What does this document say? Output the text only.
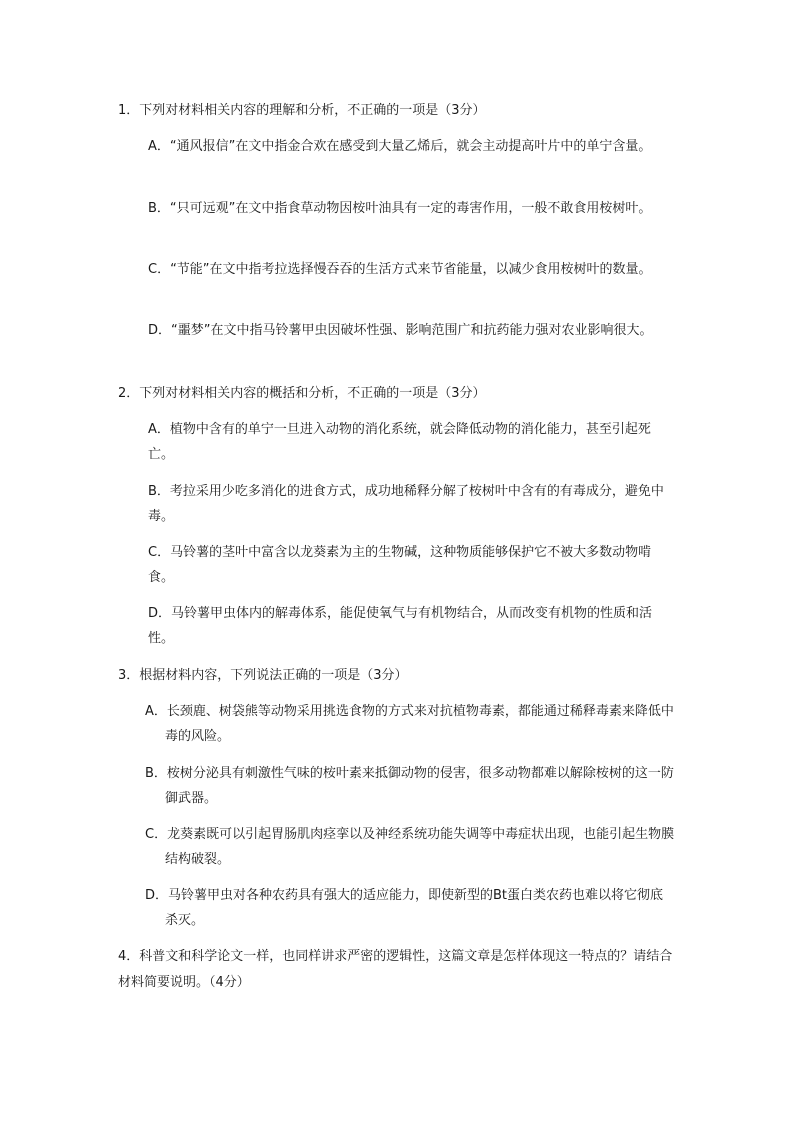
1．下列对材料相关内容的理解和分析，不正确的一项是（3分）

A．“通风报信”在文中指金合欢在感受到大量乙烯后，就会主动提高叶片中的单宁含量。

B．“只可远观”在文中指食草动物因桉叶油具有一定的毒害作用，一般不敢食用桉树叶。

C．“节能”在文中指考拉选择慢吞吞的生活方式来节省能量，以减少食用桉树叶的数量。

D．“噩梦”在文中指马铃薯甲虫因破坏性强、影响范围广和抗药能力强对农业影响很大。

2．下列对材料相关内容的概括和分析，不正确的一项是（3分）

A．植物中含有的单宁一旦进入动物的消化系统，就会降低动物的消化能力，甚至引起死亡。

B．考拉采用少吃多消化的进食方式，成功地稀释分解了桉树叶中含有的有毒成分，避免中毒。

C．马铃薯的茎叶中富含以龙葵素为主的生物碱，这种物质能够保护它不被大多数动物啃食。

D．马铃薯甲虫体内的解毒体系，能促使氧气与有机物结合，从而改变有机物的性质和活性。

3．根据材料内容，下列说法正确的一项是（3分）

A．长颈鹿、树袋熊等动物采用挑选食物的方式来对抗植物毒素，都能通过稀释毒素来降低中毒的风险。

B．桉树分泌具有刺激性气味的桉叶素来抵御动物的侵害，很多动物都难以解除桉树的这一防御武器。

C．龙葵素既可以引起胃肠肌肉痉挛以及神经系统功能失调等中毒症状出现，也能引起生物膜结构破裂。

D．马铃薯甲虫对各种农药具有强大的适应能力，即使新型的Bt蛋白类农药也难以将它彻底杀灭。

4．科普文和科学论文一样，也同样讲求严密的逻辑性，这篇文章是怎样体现这一特点的？请结合材料简要说明。（4分）
